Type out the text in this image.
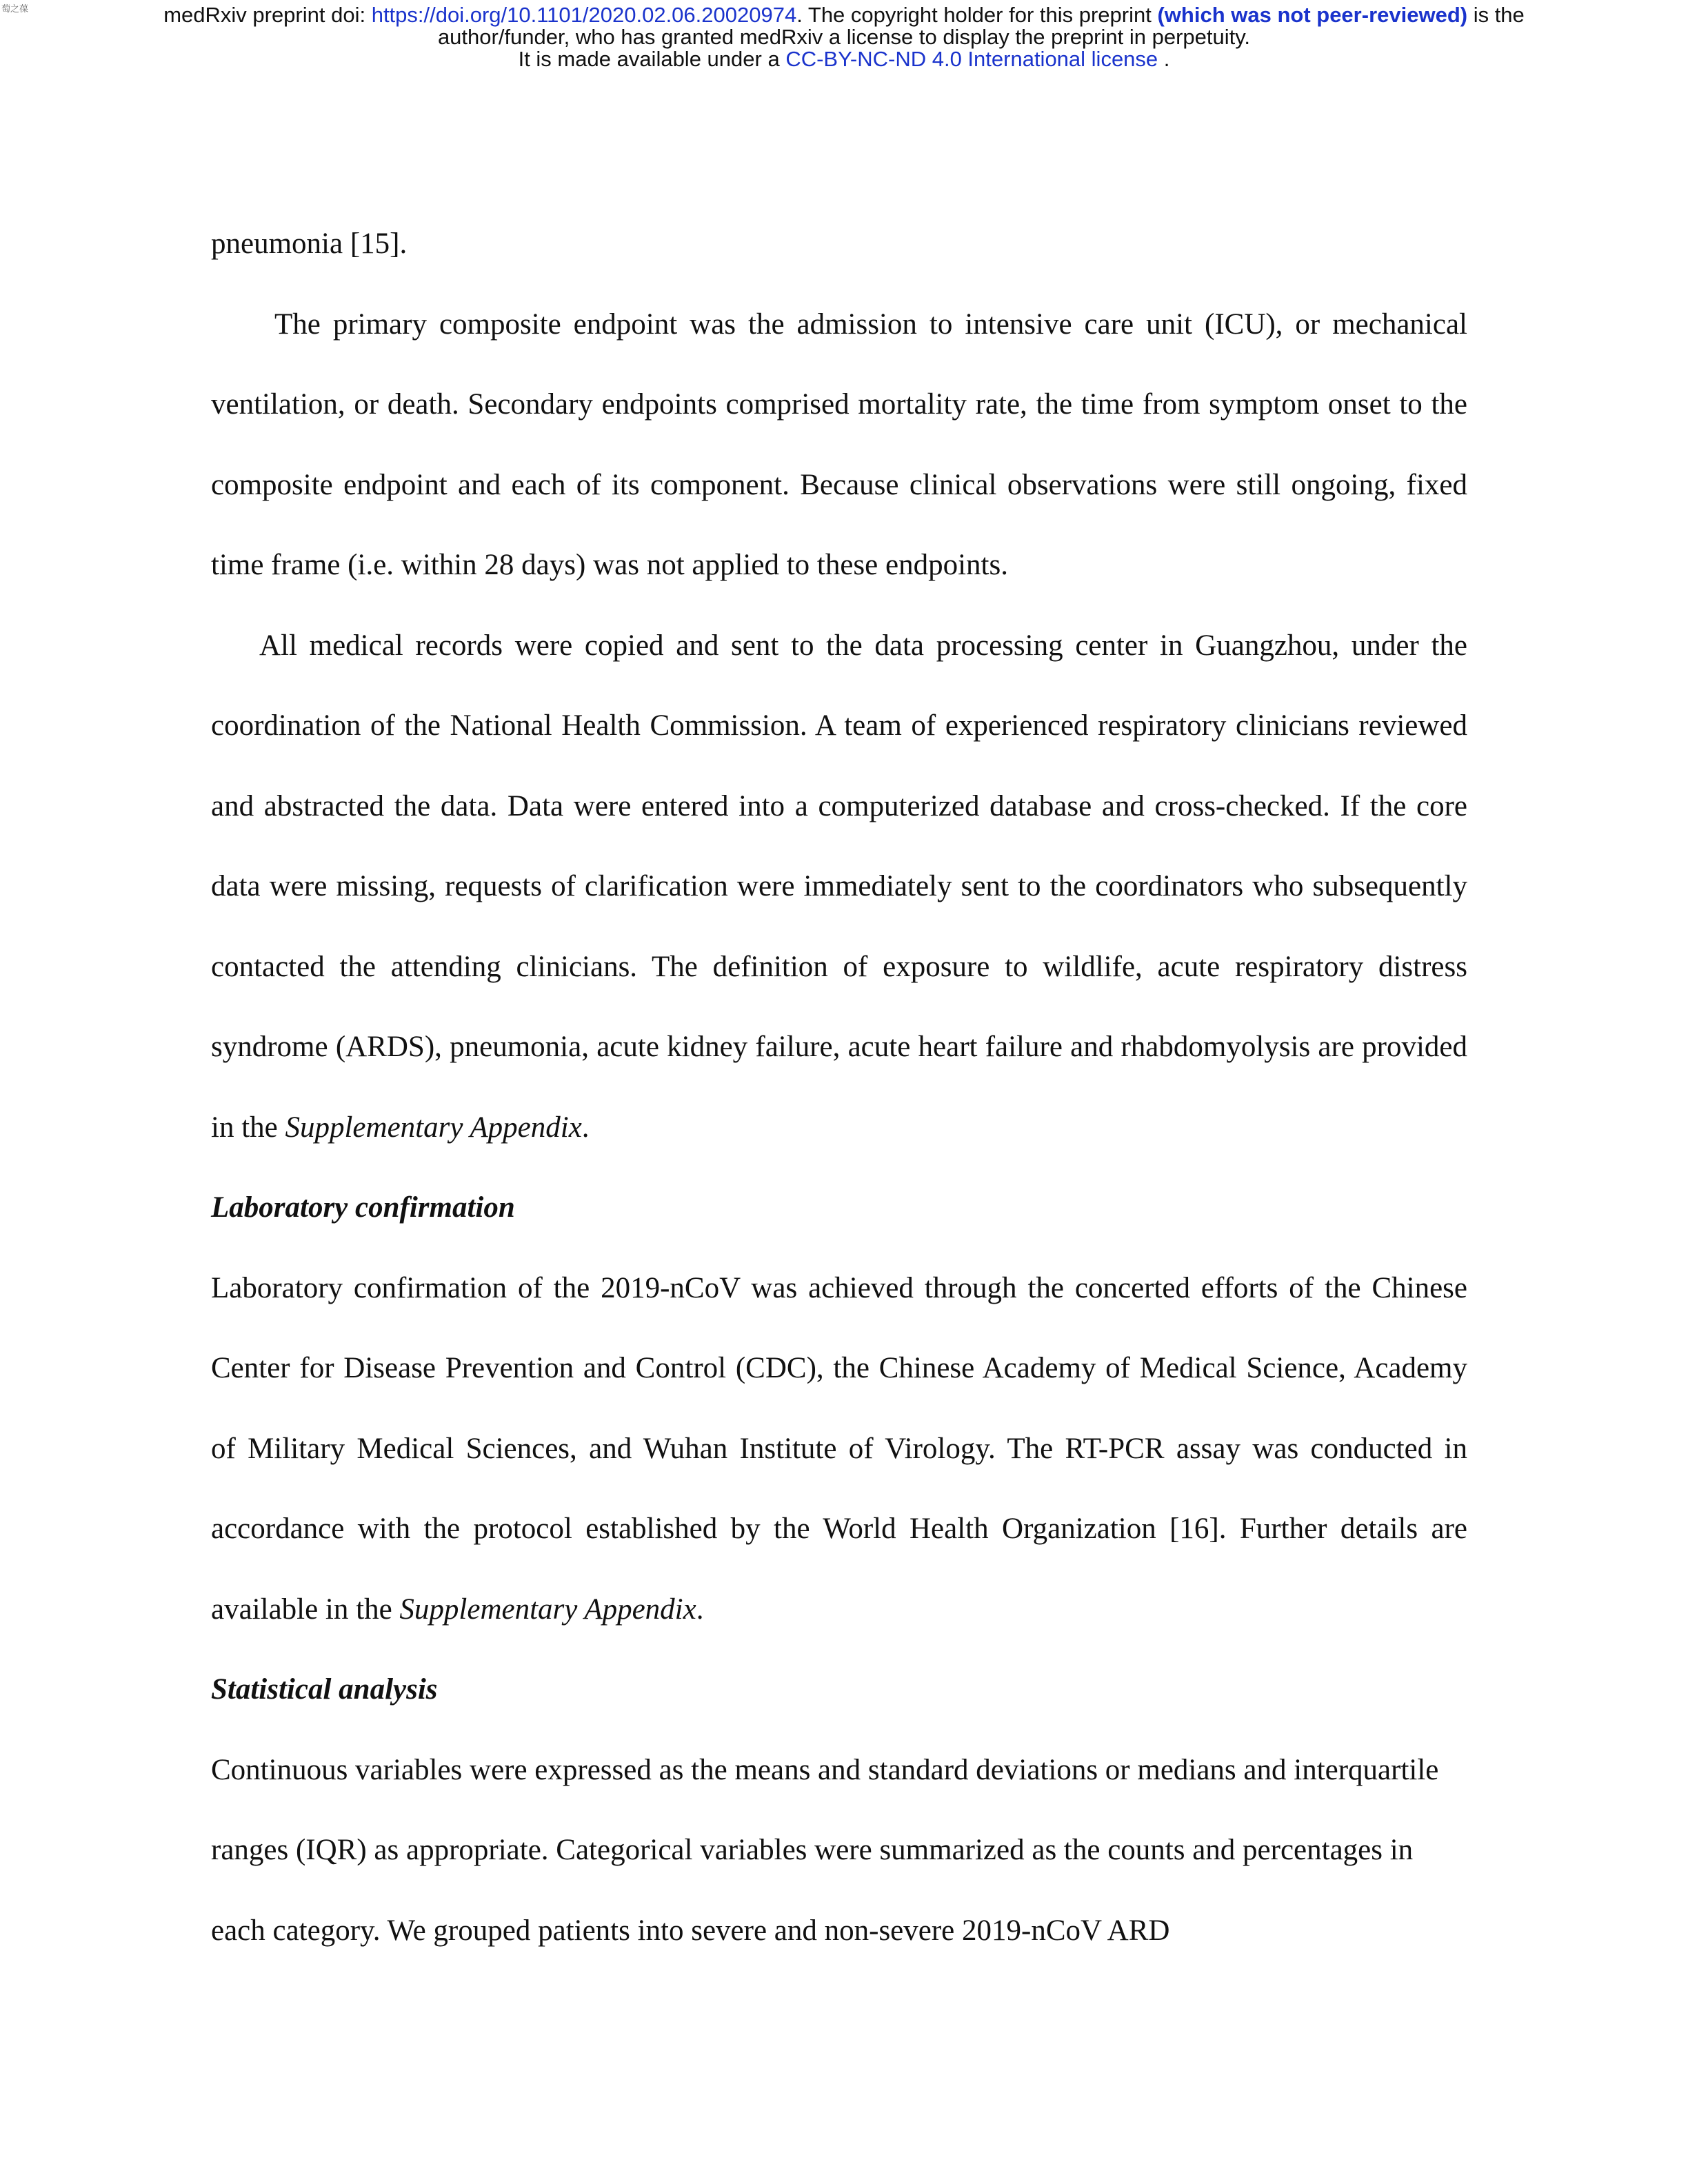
萄之葆	medRxiv preprint doi: https://doi.org/10.1101/2020.02.06.20020974. The copyright holder for this preprint (which was not peer-reviewed) is the
author/funder, who has granted medRxiv a license to display the preprint in perpetuity.
It is made available under a CC-BY-NC-ND 4.0 International license .

pneumonia [15].

The primary composite endpoint was the admission to intensive care unit (ICU), or mechanical ventilation, or death. Secondary endpoints comprised mortality rate, the time from symptom onset to the composite endpoint and each of its component. Because clinical observations were still ongoing, fixed time frame (i.e. within 28 days) was not applied to these endpoints.

All medical records were copied and sent to the data processing center in Guangzhou, under the coordination of the National Health Commission. A team of experienced respiratory clinicians reviewed and abstracted the data. Data were entered into a computerized database and cross-checked. If the core data were missing, requests of clarification were immediately sent to the coordinators who subsequently contacted the attending clinicians. The definition of exposure to wildlife, acute respiratory distress syndrome (ARDS), pneumonia, acute kidney failure, acute heart failure and rhabdomyolysis are provided in the Supplementary Appendix.

Laboratory confirmation

Laboratory confirmation of the 2019-nCoV was achieved through the concerted efforts of the Chinese Center for Disease Prevention and Control (CDC), the Chinese Academy of Medical Science, Academy of Military Medical Sciences, and Wuhan Institute of Virology. The RT-PCR assay was conducted in accordance with the protocol established by the World Health Organization [16]. Further details are available in the Supplementary Appendix.

Statistical analysis

Continuous variables were expressed as the means and standard deviations or medians and interquartile ranges (IQR) as appropriate. Categorical variables were summarized as the counts and percentages in each category. We grouped patients into severe and non-severe 2019-nCoV ARD
